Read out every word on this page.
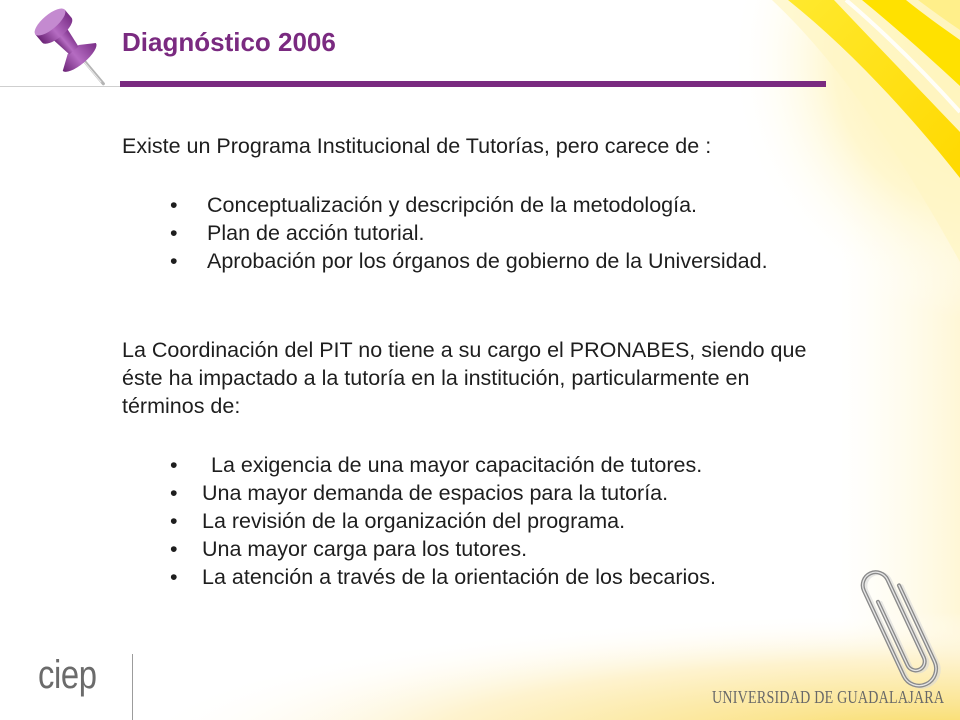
Diagnóstico 2006

Existe un Programa Institucional de Tutorías, pero carece de :

• Conceptualización y descripción de la metodología.
• Plan de acción tutorial.
• Aprobación por los órganos de gobierno de la Universidad.

La Coordinación del PIT no tiene a su cargo el PRONABES, siendo que
éste ha impactado a la tutoría en la institución, particularmente en
términos de:

• La exigencia de una mayor capacitación de tutores.
• Una mayor demanda de espacios para la tutoría.
• La revisión de la organización del programa.
• Una mayor carga para los tutores.
• La atención a través de la orientación de los becarios.
ciep	UNIVERSIDAD DE GUADALAJARA
